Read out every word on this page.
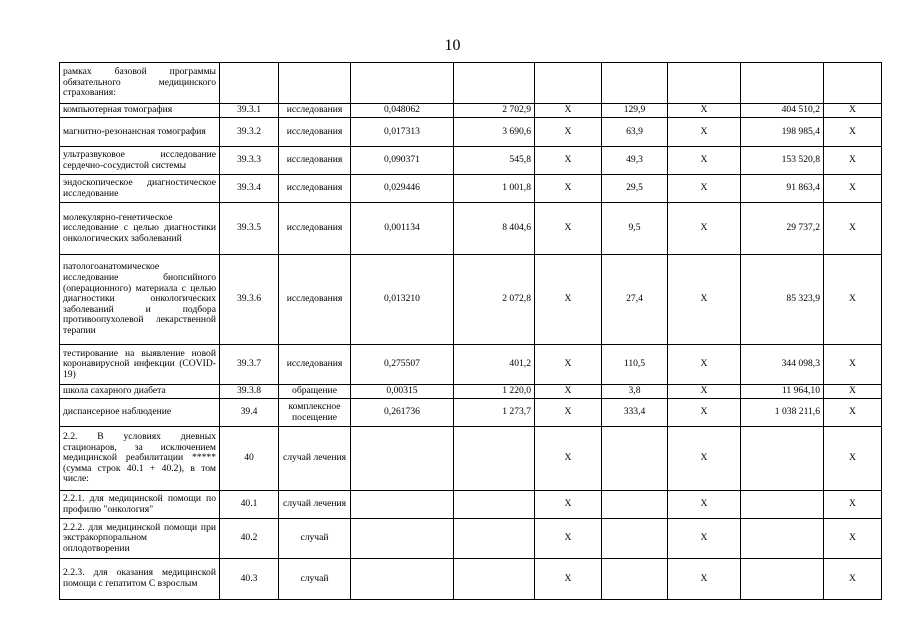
10
рамках базовой программы обязательного медицинского страхования:									
компьютерная томография	39.3.1	исследования	0,048062	2 702,9	X	129,9	X	404 510,2	X
магнитно-резонансная томография	39.3.2	исследования	0,017313	3 690,6	X	63,9	X	198 985,4	X
ультразвуковое исследование сердечно-сосудистой системы	39.3.3	исследования	0,090371	545,8	X	49,3	X	153 520,8	X
эндоскопическое диагностическое исследование	39.3.4	исследования	0,029446	1 001,8	X	29,5	X	91 863,4	X
молекулярно-генетическое исследование с целью диагностики онкологических заболеваний	39.3.5	исследования	0,001134	8 404,6	X	9,5	X	29 737,2	X
патологоанатомическое исследование биопсийного (операционного) материала с целью диагностики онкологических заболеваний и подбора противоопухолевой лекарственной терапии	39.3.6	исследования	0,013210	2 072,8	X	27,4	X	85 323,9	X
тестирование на выявление новой коронавирусной инфекции (COVID-19)	39.3.7	исследования	0,275507	401,2	X	110,5	X	344 098,3	X
школа сахарного диабета	39.3.8	обращение	0,00315	1 220,0	X	3,8	X	11 964,10	X
диспансерное наблюдение	39.4	комплексное посещение	0,261736	1 273,7	X	333,4	X	1 038 211,6	X
2.2. В условиях дневных стационаров, за исключением медицинской реабилитации ***** (сумма строк 40.1 + 40.2), в том числе:	40	случай лечения			X		X		X
2.2.1. для медицинской помощи по профилю "онкология"	40.1	случай лечения			X		X		X
2.2.2. для медицинской помощи при экстракорпоральном оплодотворении	40.2	случай			X		X		X
2.2.3. для оказания медицинской помощи с гепатитом С взрослым	40.3	случай			X		X		X
